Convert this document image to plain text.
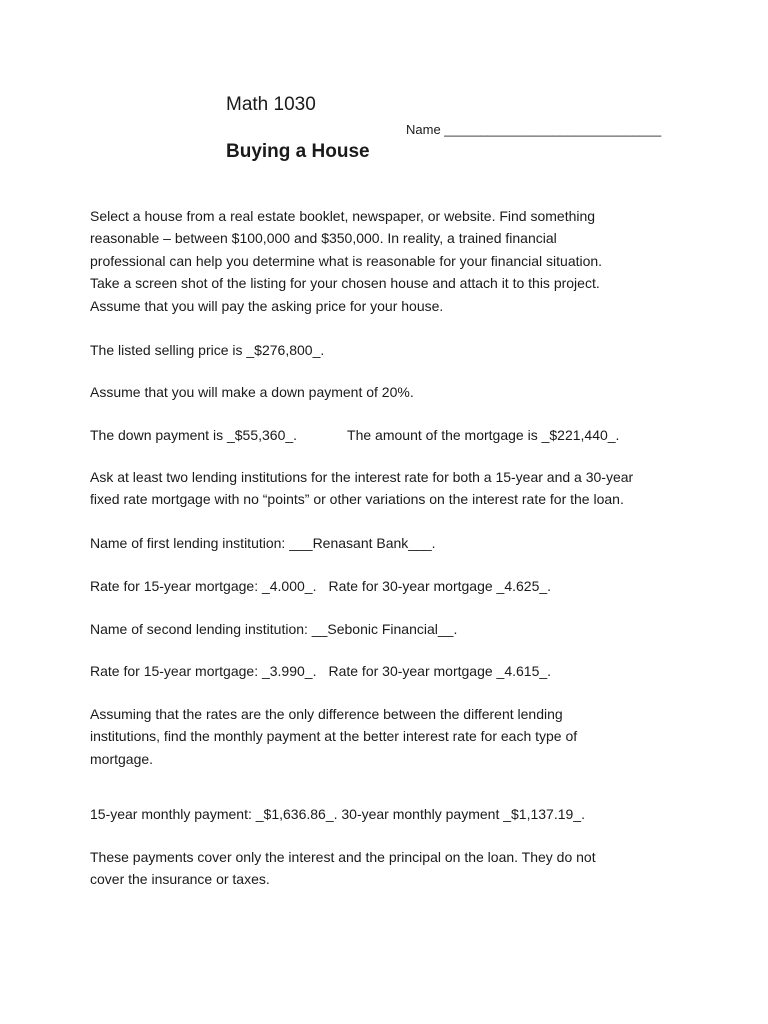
Math 1030
Name ______________________________
Buying a House

Select a house from a real estate booklet, newspaper, or website. Find something
reasonable – between $100,000 and $350,000. In reality, a trained financial
professional can help you determine what is reasonable for your financial situation.
Take a screen shot of the listing for your chosen house and attach it to this project.
Assume that you will pay the asking price for your house.

The listed selling price is _$276,800_.

Assume that you will make a down payment of 20%.

The down payment is _$55,360_.	The amount of the mortgage is _$221,440_.

Ask at least two lending institutions for the interest rate for both a 15-year and a 30-year
fixed rate mortgage with no “points” or other variations on the interest rate for the loan.

Name of first lending institution: ___Renasant Bank___.

Rate for 15-year mortgage: _4.000_. Rate for 30-year mortgage _4.625_.

Name of second lending institution: __Sebonic Financial__.

Rate for 15-year mortgage: _3.990_. Rate for 30-year mortgage _4.615_.

Assuming that the rates are the only difference between the different lending
institutions, find the monthly payment at the better interest rate for each type of
mortgage.

15-year monthly payment: _$1,636.86_. 30-year monthly payment _$1,137.19_.

These payments cover only the interest and the principal on the loan. They do not
cover the insurance or taxes.
